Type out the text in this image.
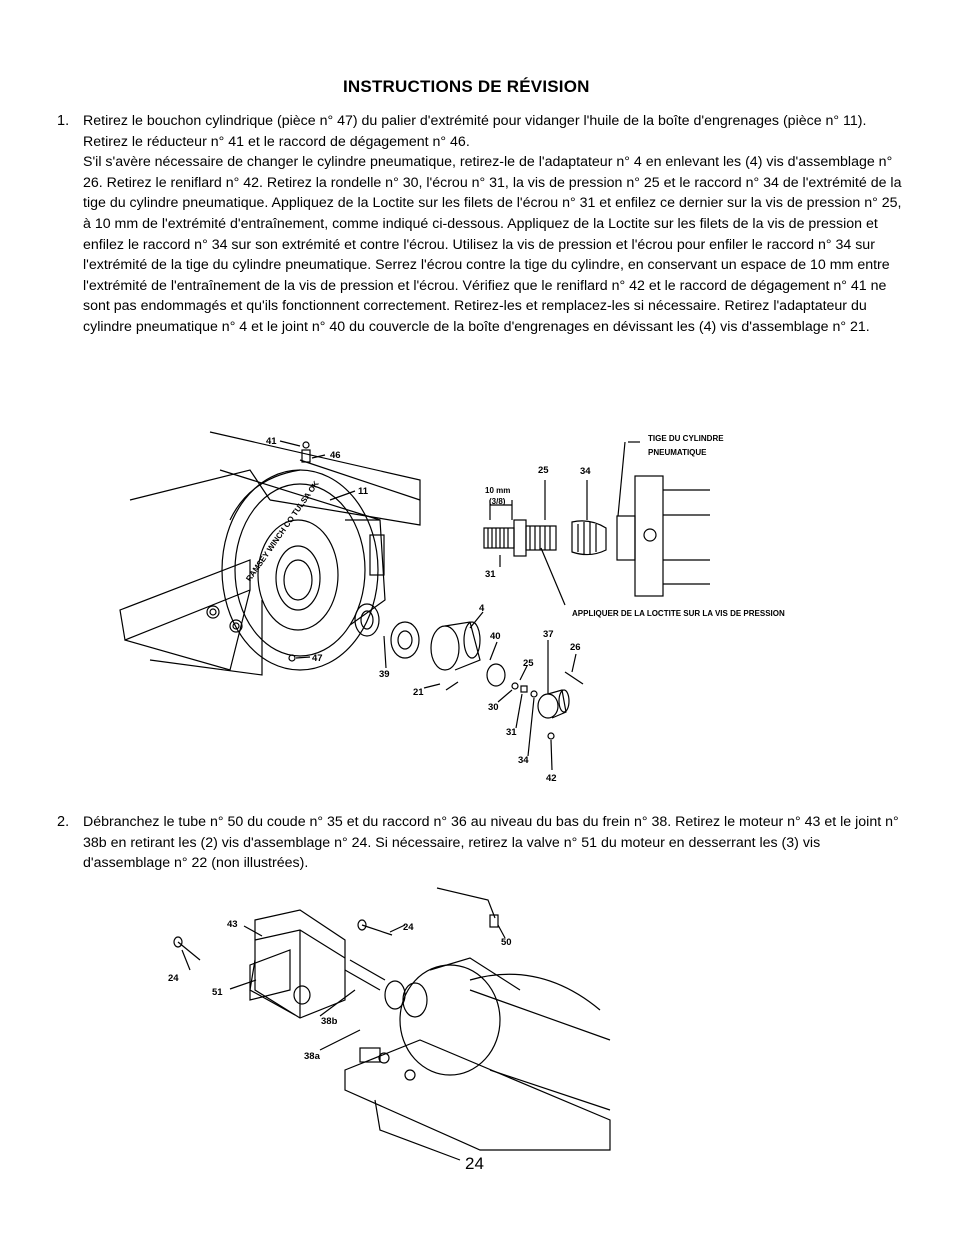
INSTRUCTIONS DE RÉVISION
1. Retirez le bouchon cylindrique (pièce n° 47) du palier d'extrémité pour vidanger l'huile de la boîte d'engrenages (pièce n° 11). Retirez le réducteur n° 41 et le raccord de dégagement n° 46.

S'il s'avère nécessaire de changer le cylindre pneumatique, retirez-le de l'adaptateur n° 4 en enlevant les (4) vis d'assemblage n° 26. Retirez le reniflard n° 42. Retirez la rondelle n° 30, l'écrou n° 31, la vis de pression n° 25 et le raccord n° 34 de l'extrémité de la tige du cylindre pneumatique. Appliquez de la Loctite sur les filets de l'écrou n° 31 et enfilez ce dernier sur la vis de pression n° 25, à 10 mm de l'extrémité d'entraînement, comme indiqué ci-dessous. Appliquez de la Loctite sur les filets de la vis de pression et enfilez le raccord n° 34 sur son extrémité et contre l'écrou. Utilisez la vis de pression et l'écrou pour enfiler le raccord n° 34 sur l'extrémité de la tige du cylindre pneumatique. Serrez l'écrou contre la tige du cylindre, en conservant un espace de 10 mm entre l'extrémité de l'entraînement de la vis de pression et l'écrou. Vérifiez que le reniflard n° 42 et le raccord de dégagement n° 41 ne sont pas endommagés et qu'ils fonctionnent correctement. Retirez-les et remplacez-les si nécessaire. Retirez l'adaptateur du cylindre pneumatique n° 4 et le joint n° 40 du couvercle de la boîte d'engrenages en dévissant les (4) vis d'assemblage n° 21.

2. Débranchez le tube n° 50 du coude n° 35 et du raccord n° 36 au niveau du bas du frein n° 38. Retirez le moteur n° 43 et le joint n° 38b en retirant les (2) vis d'assemblage n° 24. Si nécessaire, retirez la valve n° 51 du moteur en desserrant les (3) vis d'assemblage n° 22 (non illustrées).
RAMSEY WINCH CO TULSA OK
41
46
11
47
39
21
4
40
25
37
26
30
31
34
42
25	34
31
10 mm
(3/8)
TIGE DU CYLINDRE
PNEUMATIQUE
APPLIQUER DE LA LOCTITE SUR LA VIS DE PRESSION
43
24
24
50
51
38b
38a
24
